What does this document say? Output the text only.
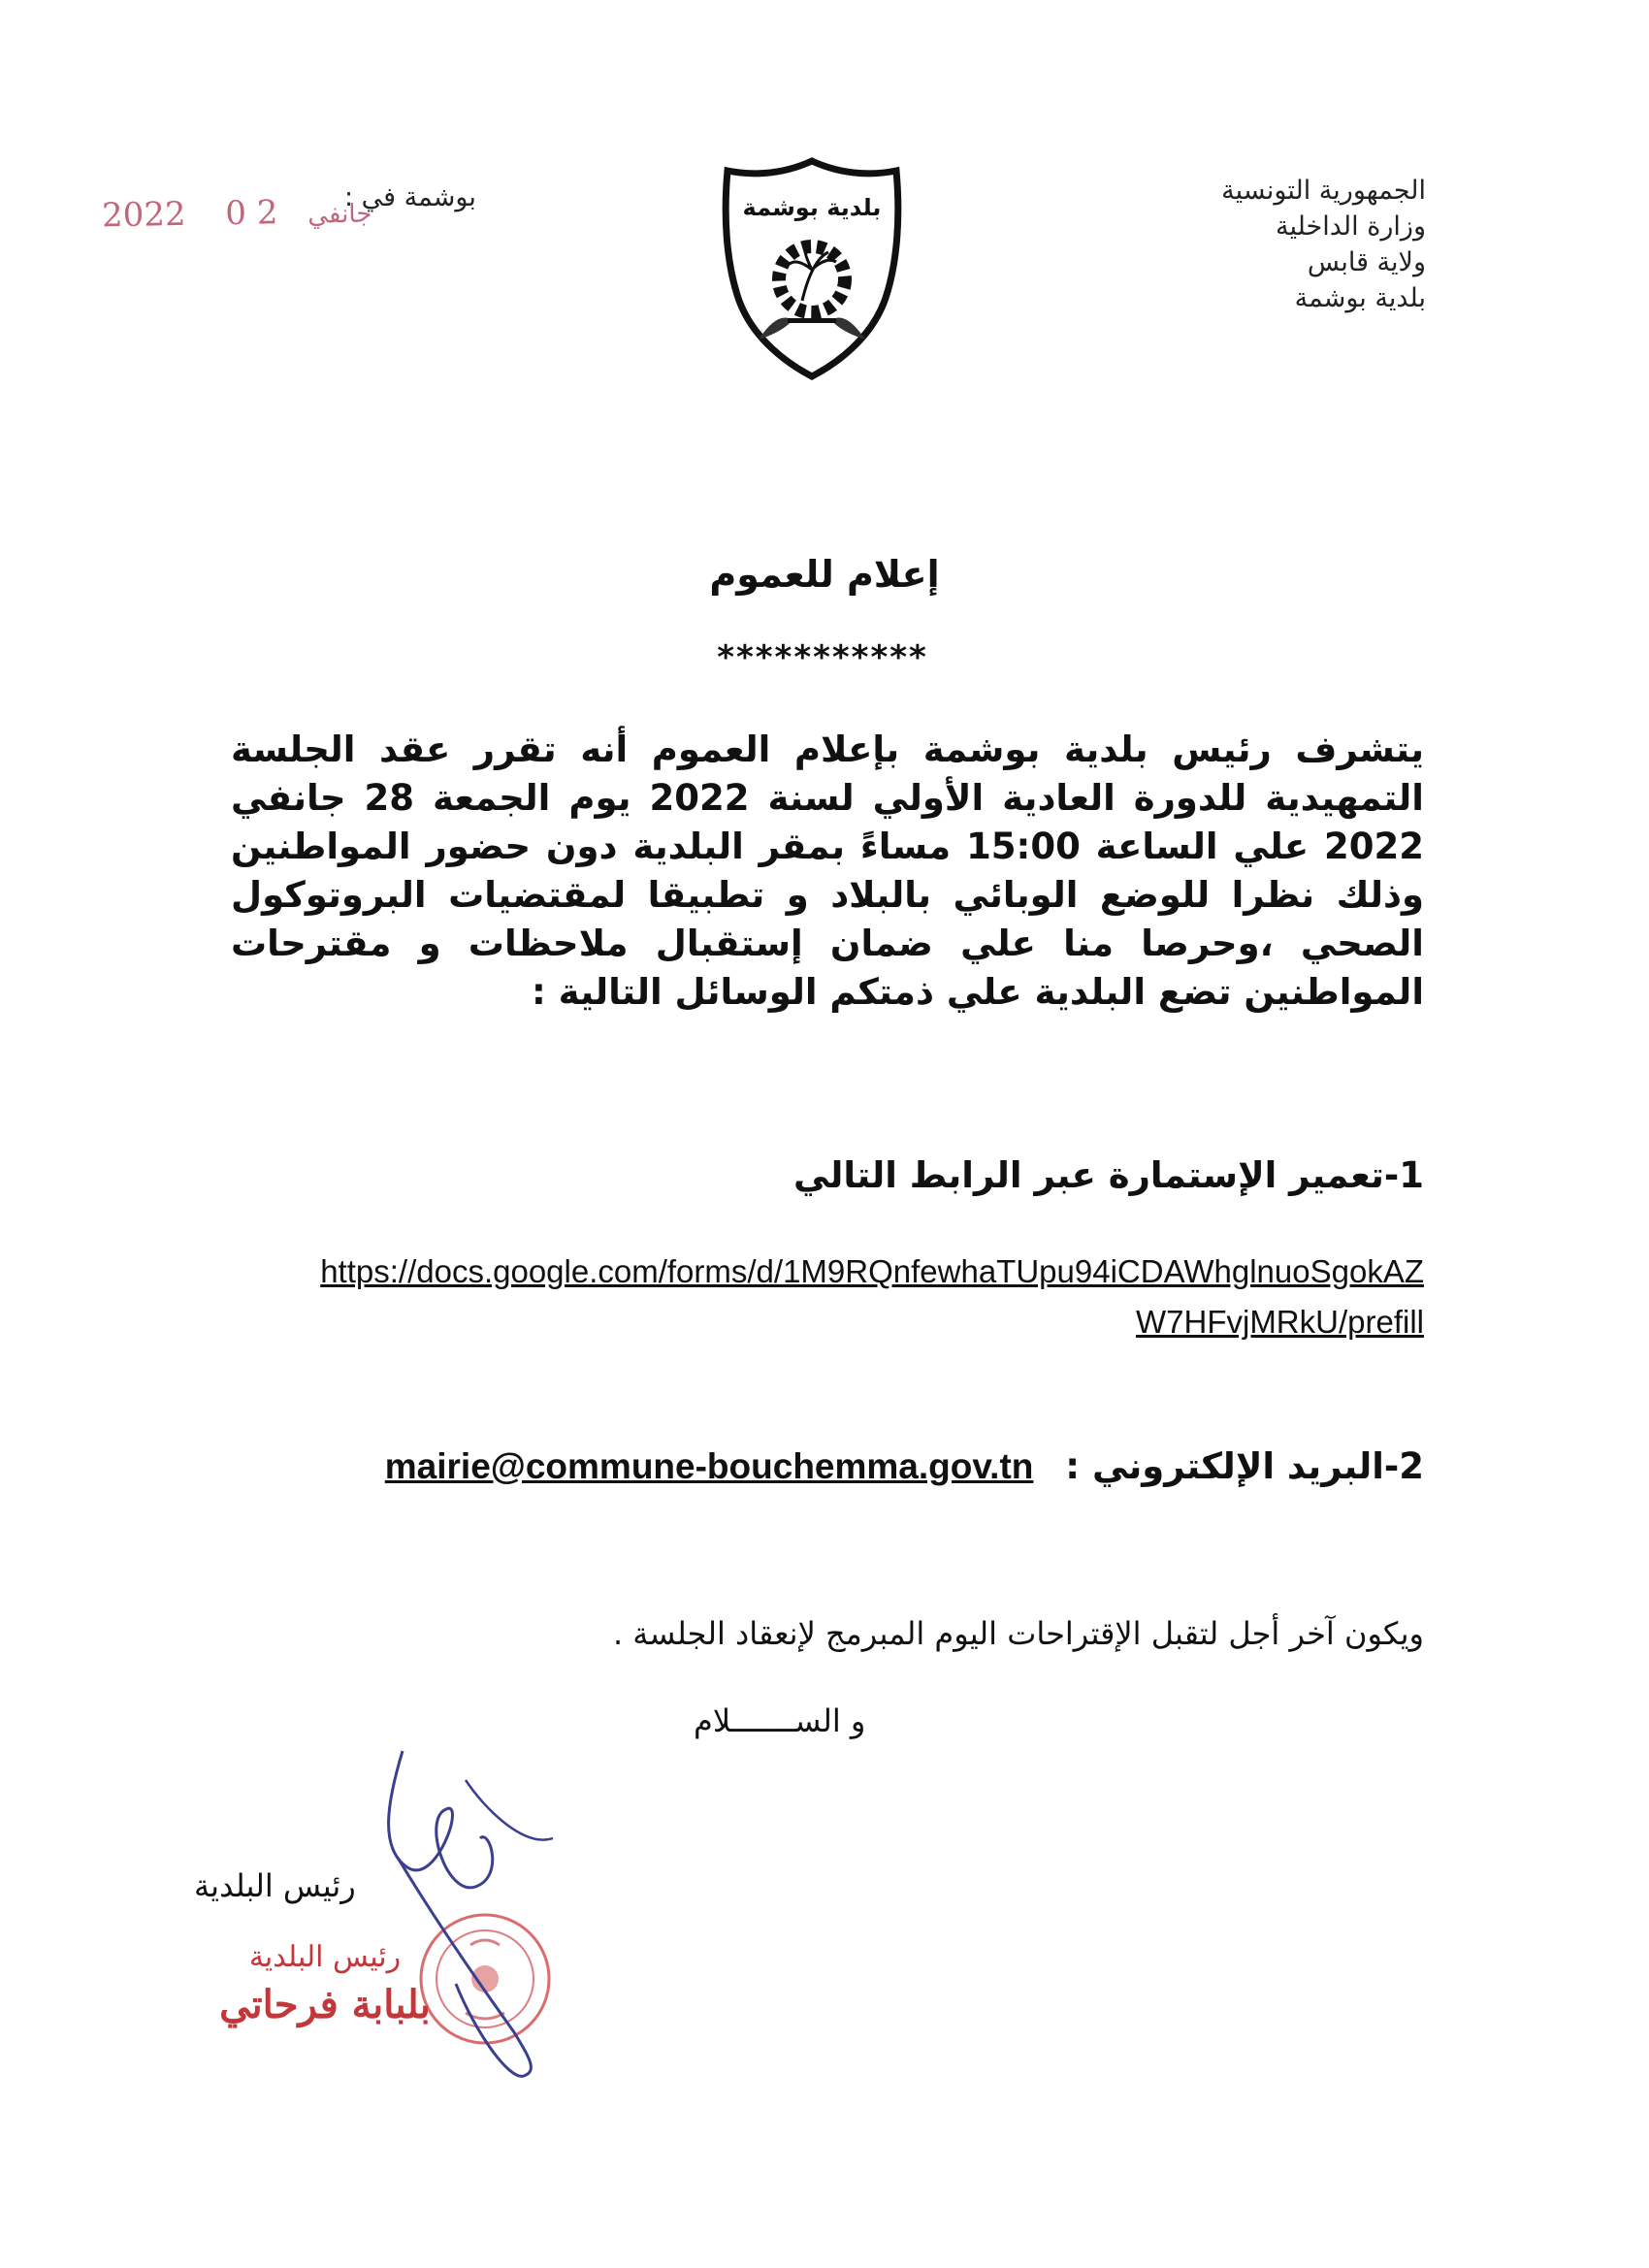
الجمهورية التونسية
وزارة الداخلية
ولاية قابس
بلدية بوشمة
بلدية بوشمة
بوشمة في :
2022	جانفي 2 0
إعلام للعموم
***********

يتشرف رئيس بلدية بوشمة بإعلام العموم أنه تقرر عقد الجلسة التمهيدية للدورة العادية الأولي لسنة 2022 يوم الجمعة 28 جانفي 2022 علي الساعة 15:00 مساءً بمقر البلدية دون حضور المواطنين وذلك نظرا للوضع الوبائي بالبلاد و تطبيقا لمقتضيات البروتوكول الصحي ،وحرصا منا علي ضمان إستقبال ملاحظات و مقترحات المواطنين تضع البلدية علي ذمتكم الوسائل التالية :

1-تعمير الإستمارة عبر الرابط التالي
https://docs.google.com/forms/d/1M9RQnfewhaTUpu94iCDAWhglnuoSgokAZ
W7HFvjMRkU/prefill
2-البريد الإلكتروني : mairie@commune-bouchemma.gov.tn
ويكون آخر أجل لتقبل الإقتراحات اليوم المبرمج لإنعقاد الجلسة .
و الســـــــلام
رئيس البلدية
رئيس البلدية
بلبابة فرحاتي
